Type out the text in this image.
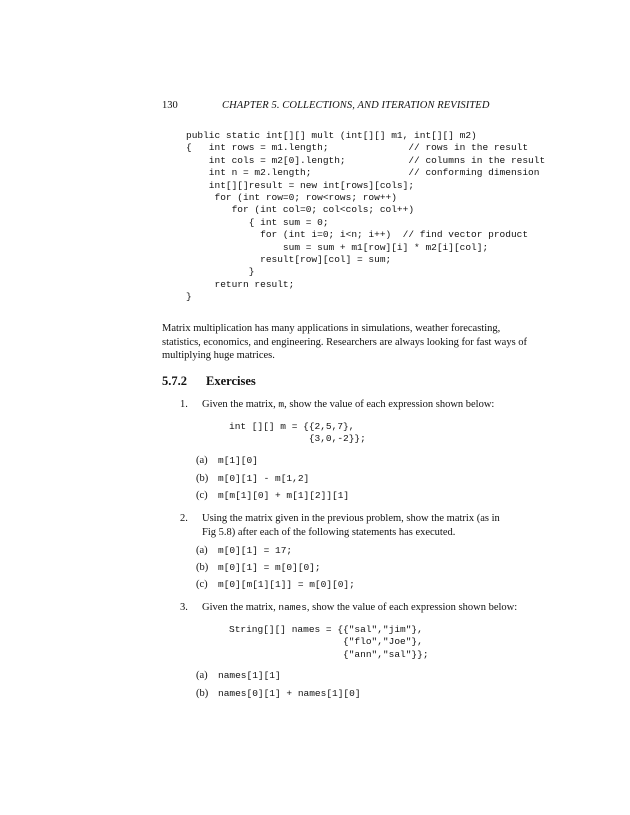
130	CHAPTER 5. COLLECTIONS, AND ITERATION REVISITED
public static int[][] mult (int[][] m1, int[][] m2)
{   int rows = m1.length;              // rows in the result
int cols = m2[0].length;           // columns in the result
int n = m2.length;                 // conforming dimension
int[][]result = new int[rows][cols];
for (int row=0; row<rows; row++)
for (int col=0; col<cols; col++)
{ int sum = 0;
for (int i=0; i<n; i++)  // find vector product
sum = sum + m1[row][i] * m2[i][col];
result[row][col] = sum;
}
return result;
}

Matrix multiplication has many applications in simulations, weather forecasting, statistics, economics, and engineering. Researchers are always looking for fast ways of multiplying huge matrices.

5.7.2 Exercises
1. Given the matrix, m, show the value of each expression shown below:
int [][] m = {{2,5,7},
{3,0,-2}};
(a) m[1][0]
(b) m[0][1] - m[1,2]
(c) m[m[1][0] + m[1][2]][1]
2. Using the matrix given in the previous problem, show the matrix (as in
Fig 5.8) after each of the following statements has executed.
(a) m[0][1] = 17;
(b) m[0][1] = m[0][0];
(c) m[0][m[1][1]] = m[0][0];
3. Given the matrix, names, show the value of each expression shown below:
String[][] names = {{"sal","jim"},
{"flo","Joe"},
{"ann","sal"}};
(a) names[1][1]
(b) names[0][1] + names[1][0]
